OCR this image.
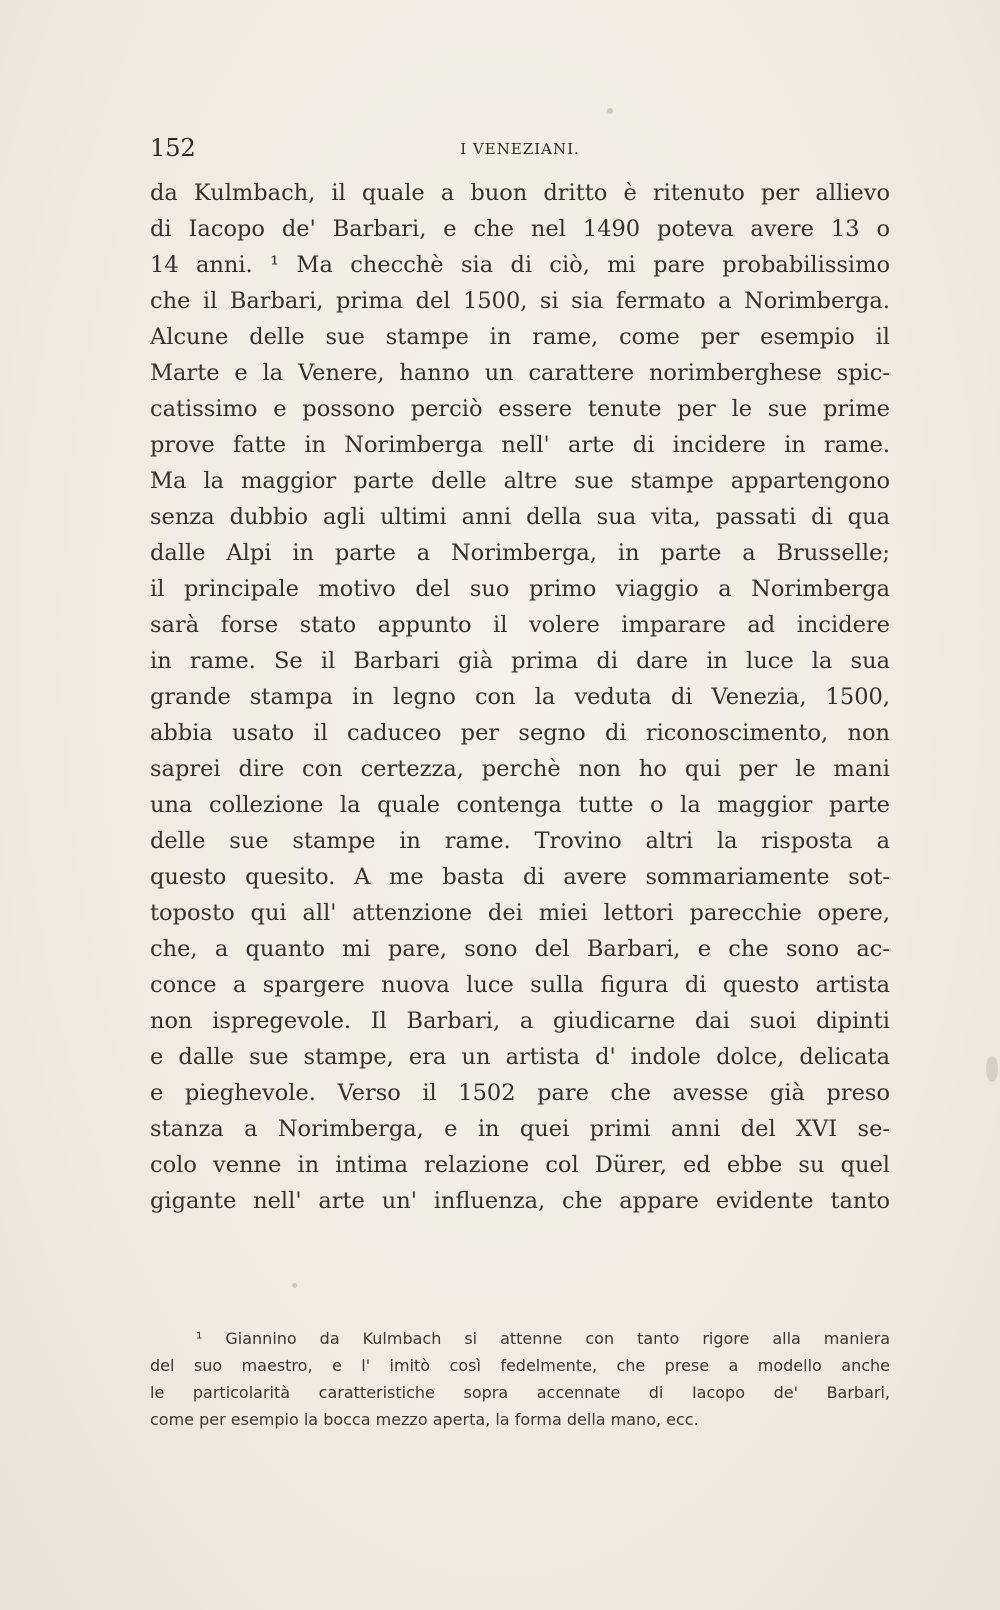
152	I VENEZIANI.
da Kulmbach, il quale a buon dritto è ritenuto per allievo
di Iacopo de' Barbari, e che nel 1490 poteva avere 13 o
14 anni. ¹ Ma checchè sia di ciò, mi pare probabilissimo
che il Barbari, prima del 1500, si sia fermato a Norimberga.
Alcune delle sue stampe in rame, come per esempio il
Marte e la Venere, hanno un carattere norimberghese spic-
catissimo e possono perciò essere tenute per le sue prime
prove fatte in Norimberga nell' arte di incidere in rame.
Ma la maggior parte delle altre sue stampe appartengono
senza dubbio agli ultimi anni della sua vita, passati di qua
dalle Alpi in parte a Norimberga, in parte a Brusselle;
il principale motivo del suo primo viaggio a Norimberga
sarà forse stato appunto il volere imparare ad incidere
in rame. Se il Barbari già prima di dare in luce la sua
grande stampa in legno con la veduta di Venezia, 1500,
abbia usato il caduceo per segno di riconoscimento, non
saprei dire con certezza, perchè non ho qui per le mani
una collezione la quale contenga tutte o la maggior parte
delle sue stampe in rame. Trovino altri la risposta a
questo quesito. A me basta di avere sommariamente sot-
toposto qui all' attenzione dei miei lettori parecchie opere,
che, a quanto mi pare, sono del Barbari, e che sono ac-
conce a spargere nuova luce sulla figura di questo artista
non ispregevole. Il Barbari, a giudicarne dai suoi dipinti
e dalle sue stampe, era un artista d' indole dolce, delicata
e pieghevole. Verso il 1502 pare che avesse già preso
stanza a Norimberga, e in quei primi anni del XVI se-
colo venne in intima relazione col Dürer, ed ebbe su quel
gigante nell' arte un' influenza, che appare evidente tanto
¹ Giannino da Kulmbach si attenne con tanto rigore alla maniera
del suo maestro, e l' imitò così fedelmente, che prese a modello anche
le particolarità caratteristiche sopra accennate di Iacopo de' Barbari,
come per esempio la bocca mezzo aperta, la forma della mano, ecc.
